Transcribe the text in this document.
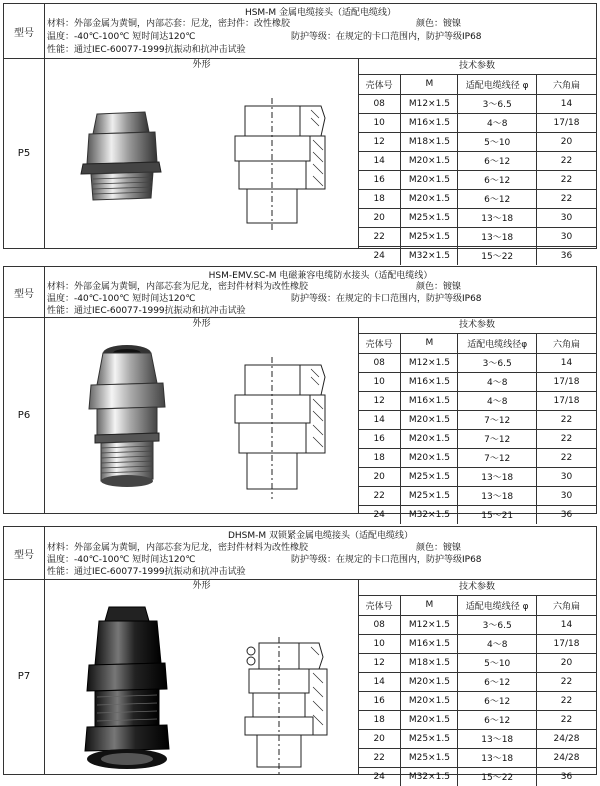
型号
HSM-M 金属电缆接头（适配电缆线）
材料：外部金属为黄铜，内部芯套：尼龙，密封件：改性橡胶	颜色：镀镍
温度：-40℃-100℃ 短时间达120℃	防护等级：在规定的卡口范围内，防护等级IP68
性能：通过IEC-60077-1999抗振动和抗冲击试验
P5
外形	技术参数
壳体号	M	适配电缆线径 φ	六角扁
08	M12×1.5	3～6.5	14
10	M16×1.5	4～8	17/18
12	M18×1.5	5～10	20
14	M20×1.5	6～12	22
16	M20×1.5	6～12	22
18	M20×1.5	6～12	22
20	M25×1.5	13～18	30
22	M25×1.5	13～18	30
24	M32×1.5	15～22	36
型号
HSM-EMV.SC-M 电磁兼容电缆防水接头（适配电缆线）
材料：外部金属为黄铜，内部芯套为尼龙，密封件材料为改性橡胶	颜色：镀镍
温度：-40℃-100℃ 短时间达120℃	防护等级：在规定的卡口范围内，防护等级IP68
性能：通过IEC-60077-1999抗振动和抗冲击试验
P6
外形	技术参数
壳体号	M	适配电缆线径φ	六角扁
08	M12×1.5	3～6.5	14
10	M16×1.5	4～8	17/18
12	M16×1.5	4～8	17/18
14	M20×1.5	7～12	22
16	M20×1.5	7～12	22
18	M20×1.5	7～12	22
20	M25×1.5	13～18	30
22	M25×1.5	13～18	30
24	M32×1.5	15～21	36
型号
DHSM-M 双锁紧金属电缆接头（适配电缆线）
材料：外部金属为黄铜，内部芯套为尼龙，密封件材料为改性橡胶	颜色：镀镍
温度：-40℃-100℃ 短时间达120℃	防护等级：在规定的卡口范围内，防护等级IP68
性能：通过IEC-60077-1999抗振动和抗冲击试验
P7
外形	技术参数
壳体号	M	适配电缆线径 φ	六角扁
08	M12×1.5	3～6.5	14
10	M16×1.5	4～8	17/18
12	M18×1.5	5～10	20
14	M20×1.5	6～12	22
16	M20×1.5	6～12	22
18	M20×1.5	6～12	22
20	M25×1.5	13～18	24/28
22	M25×1.5	13～18	24/28
24	M32×1.5	15～22	36
